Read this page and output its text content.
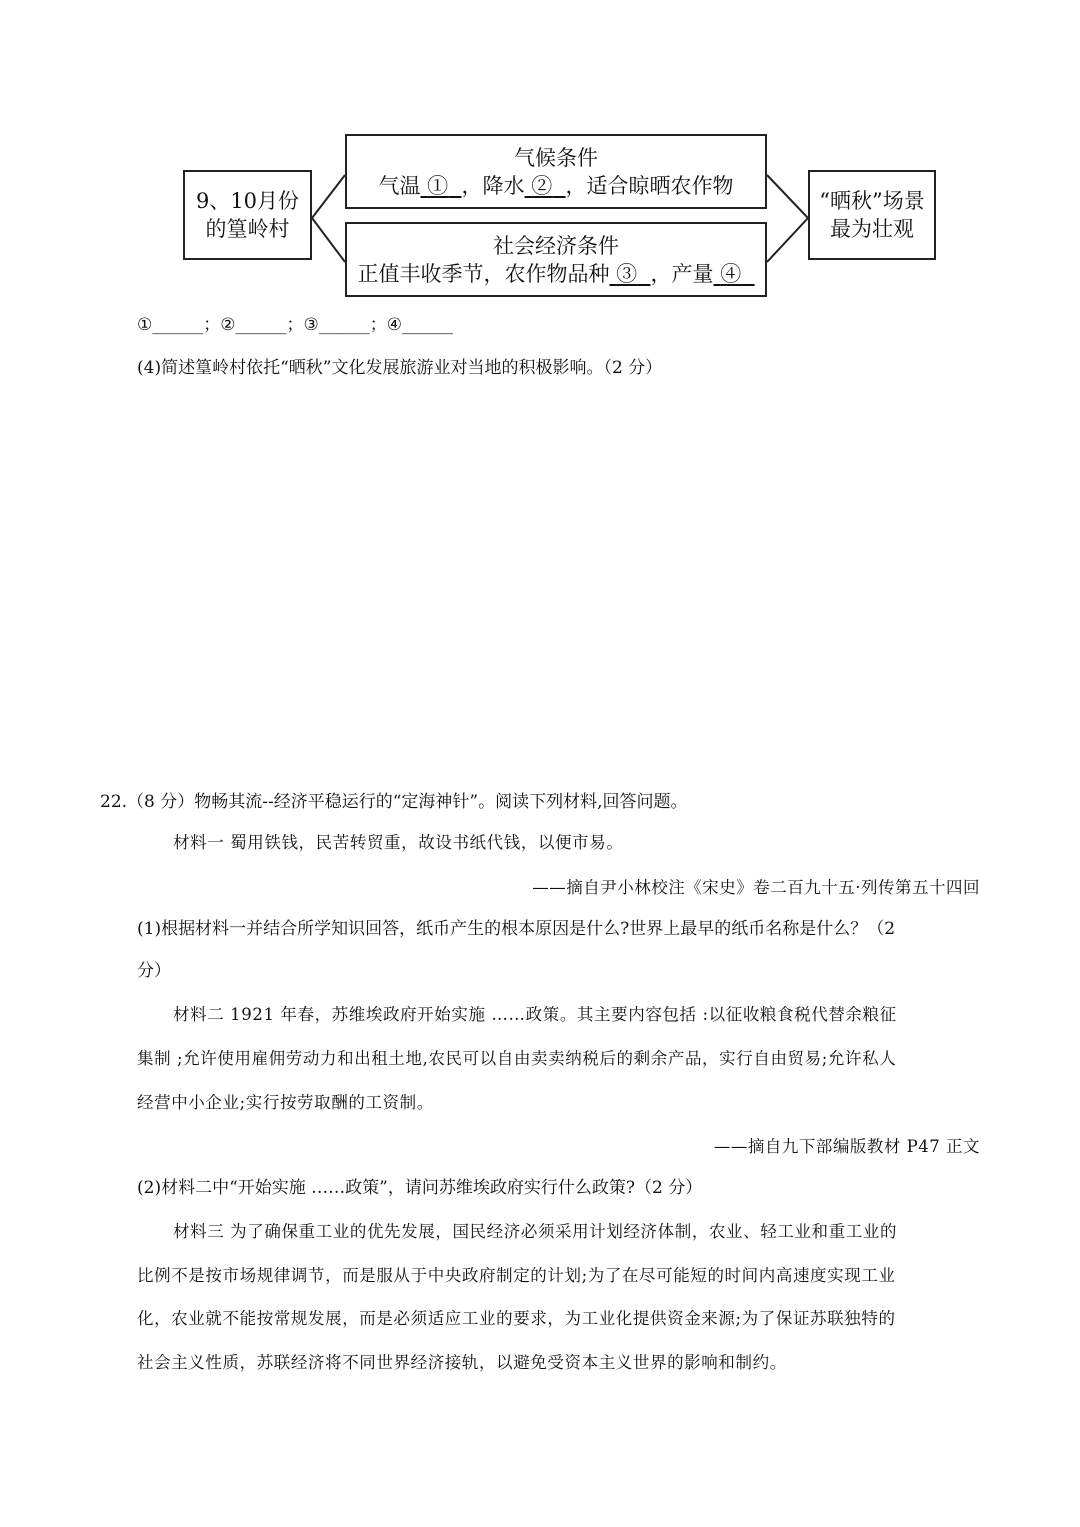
9、10月份
的篁岭村
气候条件
气温 ① ，降水 ② ，适合晾晒农作物
社会经济条件
正值丰收季节，农作物品种 ③ ，产量 ④
“晒秋”场景
最为壮观
①______；②______；③______；④______
(4)简述篁岭村依托“晒秋”文化发展旅游业对当地的积极影响。（2 分）
22.（8 分）物畅其流--经济平稳运行的“定海神针”。阅读下列材料,回答问题。
材料一 蜀用铁钱，民苦转贸重，故设书纸代钱，以便市易。
——摘自尹小林校注《宋史》卷二百九十五·列传第五十四回
(1)根据材料一并结合所学知识回答，纸币产生的根本原因是什么?世界上最早的纸币名称是什么？（2
分）
材料二 1921 年春，苏维埃政府开始实施 ……政策。其主要内容包括 :以征收粮食税代替余粮征
集制 ;允许使用雇佣劳动力和出租土地,农民可以自由卖卖纳税后的剩余产品，实行自由贸易;允许私人
经营中小企业;实行按劳取酬的工资制。
——摘自九下部编版教材 P47 正文
(2)材料二中“开始实施 ……政策”，请问苏维埃政府实行什么政策?（2 分）
材料三 为了确保重工业的优先发展，国民经济必须采用计划经济体制，农业、轻工业和重工业的
比例不是按市场规律调节，而是服从于中央政府制定的计划;为了在尽可能短的时间内高速度实现工业
化，农业就不能按常规发展，而是必须适应工业的要求，为工业化提供资金来源;为了保证苏联独特的
社会主义性质，苏联经济将不同世界经济接轨，以避免受资本主义世界的影响和制约。
